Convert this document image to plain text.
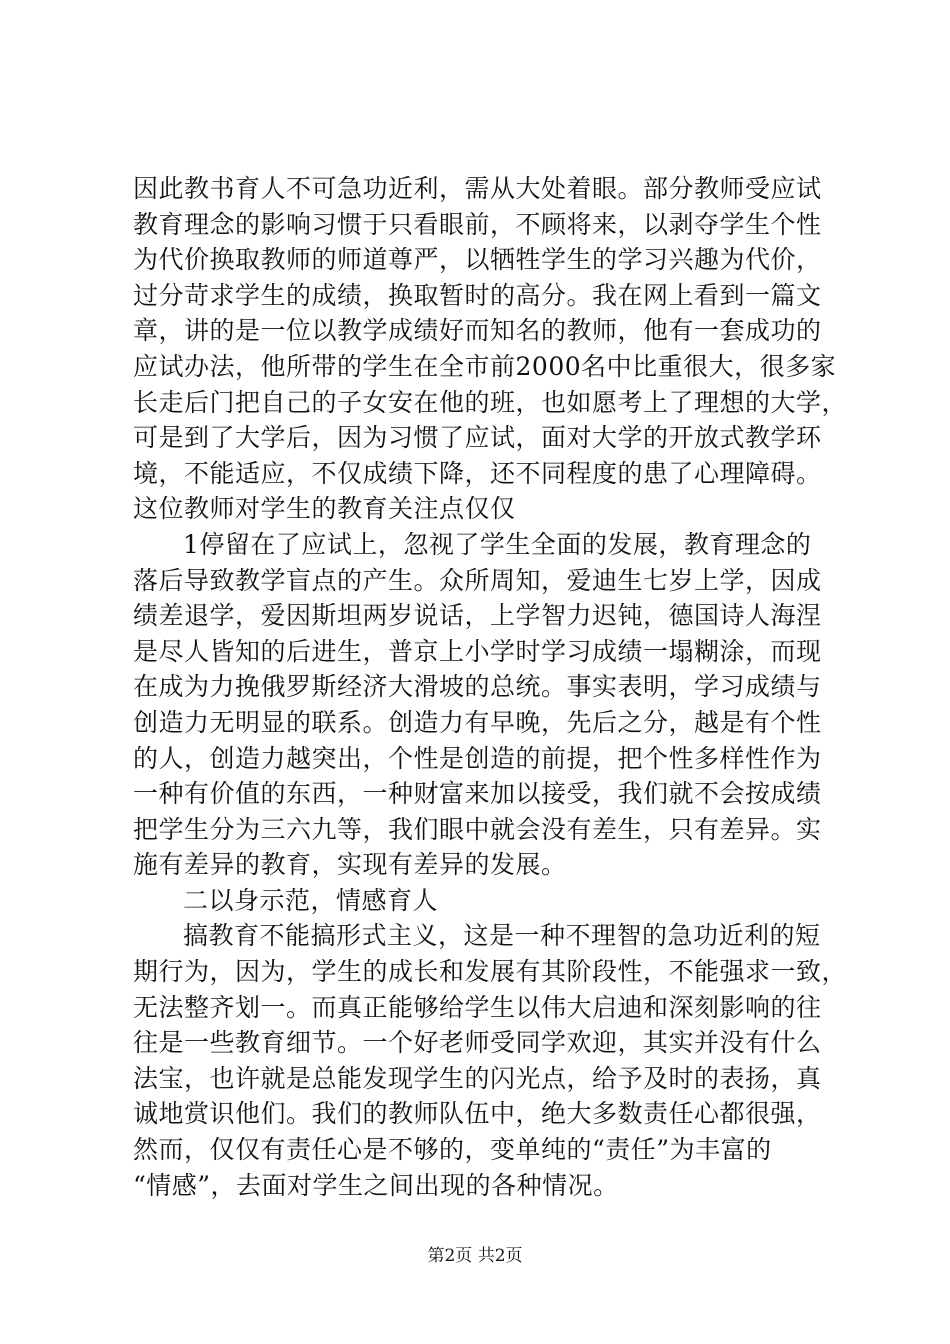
因此教书育人不可急功近利，需从大处着眼。部分教师受应试
教育理念的影响习惯于只看眼前，不顾将来，以剥夺学生个性
为代价换取教师的师道尊严，以牺牲学生的学习兴趣为代价，
过分苛求学生的成绩，换取暂时的高分。我在网上看到一篇文
章，讲的是一位以教学成绩好而知名的教师，他有一套成功的
应试办法，他所带的学生在全市前2000名中比重很大，很多家
长走后门把自己的子女安在他的班，也如愿考上了理想的大学，
可是到了大学后，因为习惯了应试，面对大学的开放式教学环
境，不能适应，不仅成绩下降，还不同程度的患了心理障碍。
这位教师对学生的教育关注点仅仅
1停留在了应试上，忽视了学生全面的发展，教育理念的
落后导致教学盲点的产生。众所周知，爱迪生七岁上学，因成
绩差退学，爱因斯坦两岁说话，上学智力迟钝，德国诗人海涅
是尽人皆知的后进生，普京上小学时学习成绩一塌糊涂，而现
在成为力挽俄罗斯经济大滑坡的总统。事实表明，学习成绩与
创造力无明显的联系。创造力有早晚，先后之分，越是有个性
的人，创造力越突出，个性是创造的前提，把个性多样性作为
一种有价值的东西，一种财富来加以接受，我们就不会按成绩
把学生分为三六九等，我们眼中就会没有差生，只有差异。实
施有差异的教育，实现有差异的发展。
二以身示范，情感育人
搞教育不能搞形式主义，这是一种不理智的急功近利的短
期行为，因为，学生的成长和发展有其阶段性，不能强求一致，
无法整齐划一。而真正能够给学生以伟大启迪和深刻影响的往
往是一些教育细节。一个好老师受同学欢迎，其实并没有什么
法宝，也许就是总能发现学生的闪光点，给予及时的表扬，真
诚地赏识他们。我们的教师队伍中，绝大多数责任心都很强，
然而，仅仅有责任心是不够的，变单纯的“责任”为丰富的
“情感”，去面对学生之间出现的各种情况。
第2页 共2页
